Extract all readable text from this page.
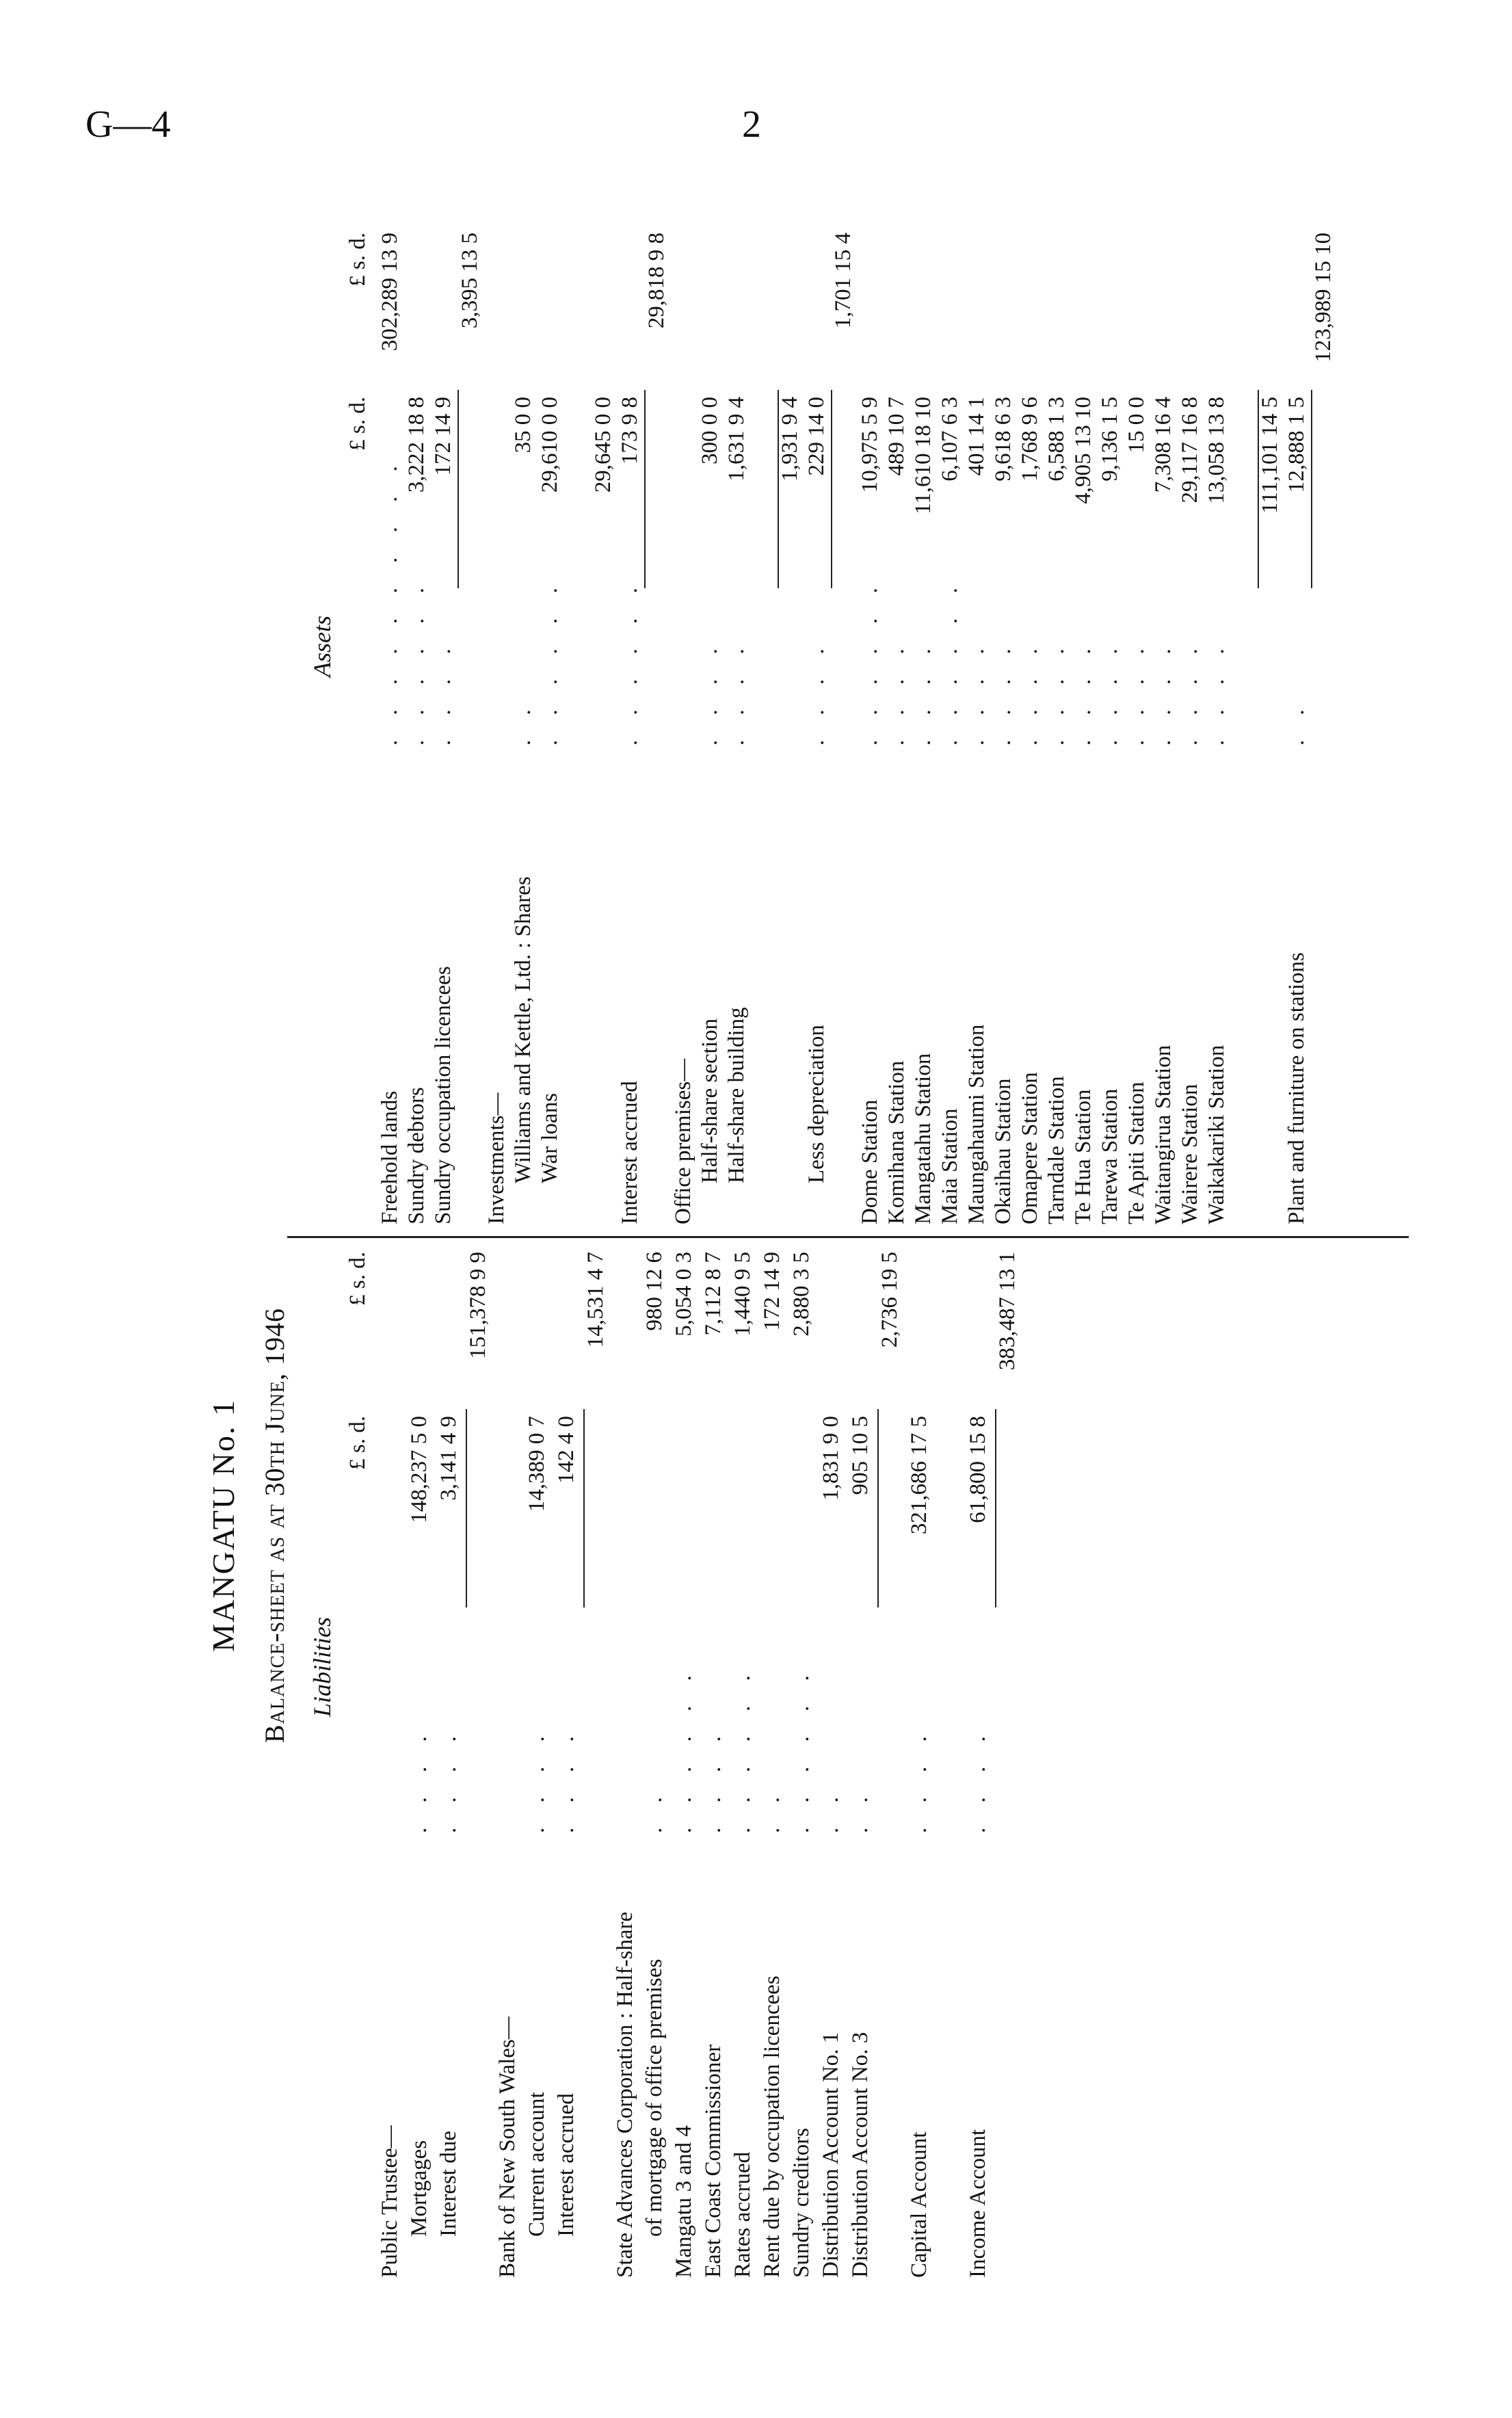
G—4	2
MANGATU No. 1 Balance-sheet as at 30th June, 1946 Liabilities
£ s. d.
£ s. d.
Public Trustee— Mortgages
. . . .
148,237 5 0
Interest due
. . . .
3,141 4 9
151,378 9 9
Bank of New South Wales— Current account
. . . .
14,389 0 7
Interest accrued
. . . .
142 4 0
14,531 4 7
State Advances Corporation : Half-share of mortgage of office premises
. .
980 12 6
Mangatu 3 and 4
. . . . . .
5,054 0 3
East Coast Commissioner
. . . .
7,112 8 7
Rates accrued
. . . . . .
1,440 9 5
Rent due by occupation licencees
. .
172 14 9
Sundry creditors
. . . . . .
2,880 3 5
Distribution Account No. 1
. .
1,831 9 0
Distribution Account No. 3
. .
905 10 5
2,736 19 5
Capital Account
. . . .
321,686 17 5
Income Account
. . . .
61,800 15 8
383,487 13 1
Assets
£ s. d.
£ s. d.
Freehold lands
. . . . . . . . . .
302,289 13 9
Sundry debtors
. . . . . .
3,222 18 8
Sundry occupation licencees
. . . .
172 14 9
3,395 13 5
Investments— Williams and Kettle, Ltd. : Shares
. .
35 0 0
War loans
. . . . . .
29,610 0 0 29,645 0 0
Interest accrued
. . . . . .
173 9 8
29,818 9 8
Office premises— Half-share section
. . . .
300 0 0
Half-share building
. . . .
1,631 9 4 1,931 9 4
Less depreciation
. . . .
229 14 0
1,701 15 4
Dome Station
. . . . . .
10,975 5 9
Komihana Station
. . . .
489 10 7
Mangatahu Station
. . . .
11,610 18 10
Maia Station
. . . . . .
6,107 6 3
Maungahaumi Station
. . . .
401 14 1
Okaihau Station
. . . .
9,618 6 3
Omapere Station
. . . .
1,768 9 6
Tarndale Station
. . . .
6,588 1 3
Te Hua Station
. . . .
4,905 13 10
Tarewa Station
. . . .
9,136 1 5
Te Apiti Station
. . . .
15 0 0
Waitangirua Station
. . . .
7,308 16 4
Wairere Station
. . . .
29,117 16 8
Waikakariki Station
. . . .
13,058 13 8 111,101 14 5
Plant and furniture on stations
. .
12,888 1 5
123,989 15 10
